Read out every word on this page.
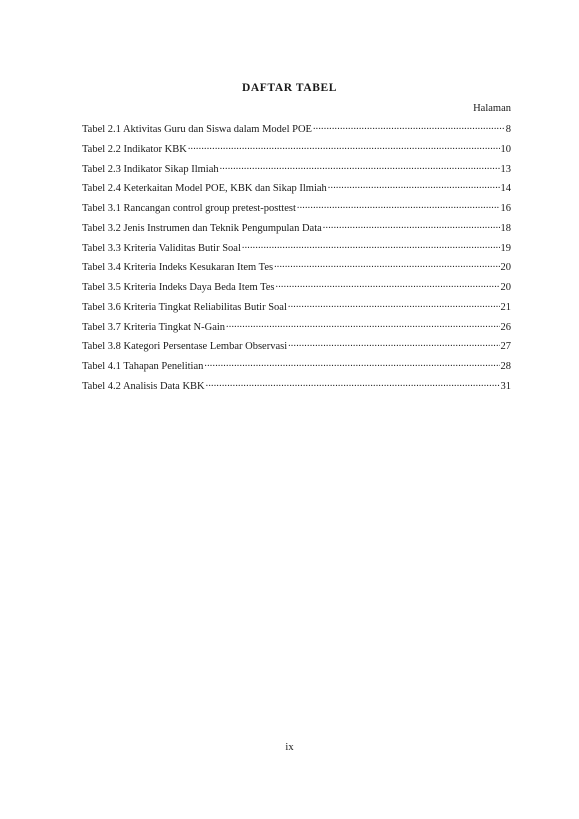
DAFTAR TABEL
Halaman
Tabel 2.1 Aktivitas Guru dan Siswa dalam Model POE .....	8
Tabel 2.2 Indikator KBK .....	10
Tabel 2.3 Indikator Sikap Ilmiah .....	13
Tabel 2.4 Keterkaitan Model POE, KBK dan Sikap Ilmiah .....	14
Tabel 3.1 Rancangan control group pretest-posttest .....	16
Tabel 3.2 Jenis Instrumen dan Teknik Pengumpulan Data .....	18
Tabel 3.3 Kriteria Validitas Butir Soal .....	19
Tabel 3.4 Kriteria Indeks Kesukaran Item Tes .....	20
Tabel 3.5 Kriteria Indeks Daya Beda Item Tes .....	20
Tabel 3.6 Kriteria Tingkat Reliabilitas Butir Soal .....	21
Tabel 3.7 Kriteria Tingkat N-Gain .....	26
Tabel 3.8 Kategori Persentase Lembar Observasi .....	27
Tabel 4.1 Tahapan Penelitian .....	28
Tabel 4.2 Analisis Data KBK .....	31
ix
